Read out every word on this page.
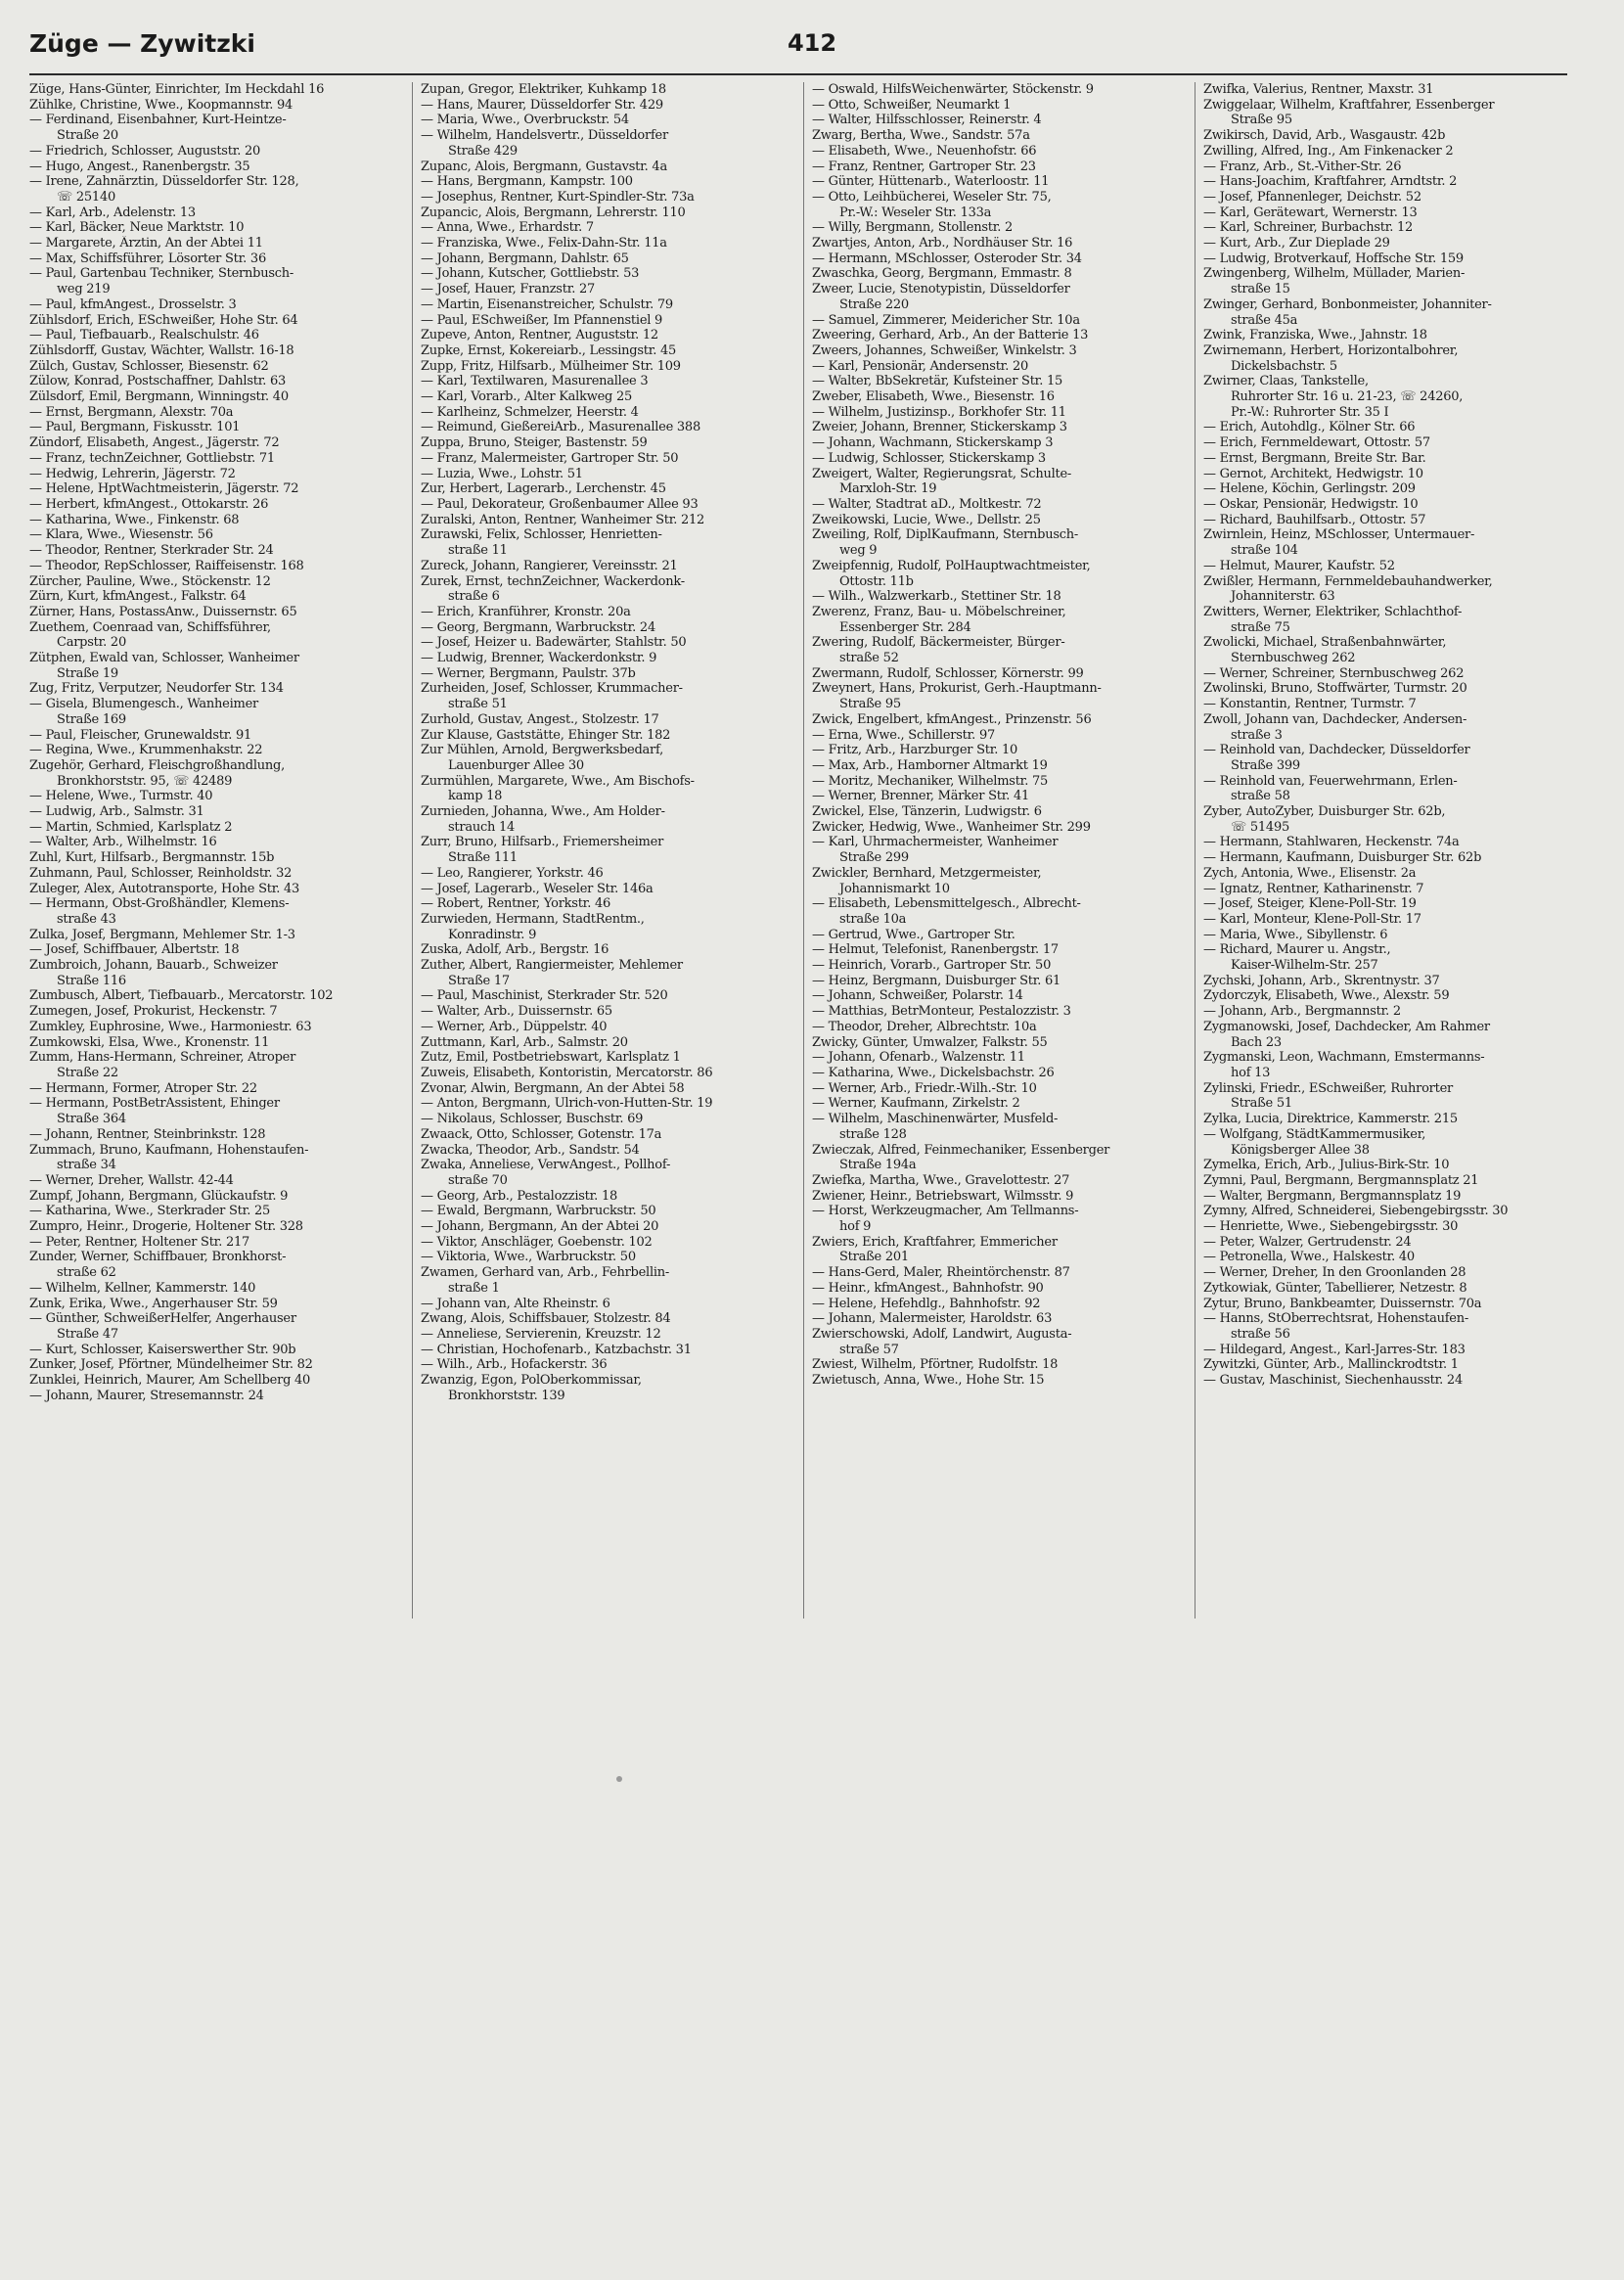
Züge — Zywitzki	412
Züge, Hans-Günter, Einrichter, Im Heckdahl 16
Zühlke, Christine, Wwe., Koopmannstr. 94
— Ferdinand, Eisenbahner, Kurt-Heintze-
Straße 20
— Friedrich, Schlosser, Auguststr. 20
— Hugo, Angest., Ranenbergstr. 35
— Irene, Zahnärztin, Düsseldorfer Str. 128,
☏ 25140
— Karl, Arb., Adelenstr. 13
— Karl, Bäcker, Neue Marktstr. 10
— Margarete, Ärztin, An der Abtei 11
— Max, Schiffsführer, Lösorter Str. 36
— Paul, Gartenbau Techniker, Sternbusch-
weg 219
— Paul, kfmAngest., Drosselstr. 3
Zühlsdorf, Erich, ESchweißer, Hohe Str. 64
— Paul, Tiefbauarb., Realschulstr. 46
Zühlsdorff, Gustav, Wächter, Wallstr. 16-18
Zülch, Gustav, Schlosser, Biesenstr. 62
Zülow, Konrad, Postschaffner, Dahlstr. 63
Zülsdorf, Emil, Bergmann, Winningstr. 40
— Ernst, Bergmann, Alexstr. 70a
— Paul, Bergmann, Fiskusstr. 101
Zündorf, Elisabeth, Angest., Jägerstr. 72
— Franz, technZeichner, Gottliebstr. 71
— Hedwig, Lehrerin, Jägerstr. 72
— Helene, HptWachtmeisterin, Jägerstr. 72
— Herbert, kfmAngest., Ottokarstr. 26
— Katharina, Wwe., Finkenstr. 68
— Klara, Wwe., Wiesenstr. 56
— Theodor, Rentner, Sterkrader Str. 24
— Theodor, RepSchlosser, Raiffeisenstr. 168
Zürcher, Pauline, Wwe., Stöckenstr. 12
Zürn, Kurt, kfmAngest., Falkstr. 64
Zürner, Hans, PostassAnw., Duissernstr. 65
Zuethem, Coenraad van, Schiffsführer,
Carpstr. 20
Zütphen, Ewald van, Schlosser, Wanheimer
Straße 19
Zug, Fritz, Verputzer, Neudorfer Str. 134
— Gisela, Blumengesch., Wanheimer
Straße 169
— Paul, Fleischer, Grunewaldstr. 91
— Regina, Wwe., Krummenhakstr. 22
Zugehör, Gerhard, Fleischgroßhandlung,
Bronkhorststr. 95, ☏ 42489
— Helene, Wwe., Turmstr. 40
— Ludwig, Arb., Salmstr. 31
— Martin, Schmied, Karlsplatz 2
— Walter, Arb., Wilhelmstr. 16
Zuhl, Kurt, Hilfsarb., Bergmannstr. 15b
Zuhmann, Paul, Schlosser, Reinholdstr. 32
Zuleger, Alex, Autotransporte, Hohe Str. 43
— Hermann, Obst-Großhändler, Klemens-
straße 43
Zulka, Josef, Bergmann, Mehlemer Str. 1-3
— Josef, Schiffbauer, Albertstr. 18
Zumbroich, Johann, Bauarb., Schweizer
Straße 116
Zumbusch, Albert, Tiefbauarb., Mercatorstr. 102
Zumegen, Josef, Prokurist, Heckenstr. 7
Zumkley, Euphrosine, Wwe., Harmoniestr. 63
Zumkowski, Elsa, Wwe., Kronenstr. 11
Zumm, Hans-Hermann, Schreiner, Atroper
Straße 22
— Hermann, Former, Atroper Str. 22
— Hermann, PostBetrAssistent, Ehinger
Straße 364
— Johann, Rentner, Steinbrinkstr. 128
Zummach, Bruno, Kaufmann, Hohenstaufen-
straße 34
— Werner, Dreher, Wallstr. 42-44
Zumpf, Johann, Bergmann, Glückaufstr. 9
— Katharina, Wwe., Sterkrader Str. 25
Zumpro, Heinr., Drogerie, Holtener Str. 328
— Peter, Rentner, Holtener Str. 217
Zunder, Werner, Schiffbauer, Bronkhorst-
straße 62
— Wilhelm, Kellner, Kammerstr. 140
Zunk, Erika, Wwe., Angerhauser Str. 59
— Günther, SchweißerHelfer, Angerhauser
Straße 47
— Kurt, Schlosser, Kaiserswerther Str. 90b
Zunker, Josef, Pförtner, Mündelheimer Str. 82
Zunklei, Heinrich, Maurer, Am Schellberg 40
— Johann, Maurer, Stresemannstr. 24
Zupan, Gregor, Elektriker, Kuhkamp 18
— Hans, Maurer, Düsseldorfer Str. 429
— Maria, Wwe., Overbruckstr. 54
— Wilhelm, Handelsvertr., Düsseldorfer
Straße 429
Zupanc, Alois, Bergmann, Gustavstr. 4a
— Hans, Bergmann, Kampstr. 100
— Josephus, Rentner, Kurt-Spindler-Str. 73a
Zupancic, Alois, Bergmann, Lehrerstr. 110
— Anna, Wwe., Erhardstr. 7
— Franziska, Wwe., Felix-Dahn-Str. 11a
— Johann, Bergmann, Dahlstr. 65
— Johann, Kutscher, Gottliebstr. 53
— Josef, Hauer, Franzstr. 27
— Martin, Eisenanstreicher, Schulstr. 79
— Paul, ESchweißer, Im Pfannenstiel 9
Zupeve, Anton, Rentner, Auguststr. 12
Zupke, Ernst, Kokereiarb., Lessingstr. 45
Zupp, Fritz, Hilfsarb., Mülheimer Str. 109
— Karl, Textilwaren, Masurenallee 3
— Karl, Vorarb., Alter Kalkweg 25
— Karlheinz, Schmelzer, Heerstr. 4
— Reimund, GießereiArb., Masurenallee 388
Zuppa, Bruno, Steiger, Bastenstr. 59
— Franz, Malermeister, Gartroper Str. 50
— Luzia, Wwe., Lohstr. 51
Zur, Herbert, Lagerarb., Lerchenstr. 45
— Paul, Dekorateur, Großenbaumer Allee 93
Zuralski, Anton, Rentner, Wanheimer Str. 212
Zurawski, Felix, Schlosser, Henrietten-
straße 11
Zureck, Johann, Rangierer, Vereinsstr. 21
Zurek, Ernst, technZeichner, Wackerdonk-
straße 6
— Erich, Kranführer, Kronstr. 20a
— Georg, Bergmann, Warbruckstr. 24
— Josef, Heizer u. Badewärter, Stahlstr. 50
— Ludwig, Brenner, Wackerdonkstr. 9
— Werner, Bergmann, Paulstr. 37b
Zurheiden, Josef, Schlosser, Krummacher-
straße 51
Zurhold, Gustav, Angest., Stolzestr. 17
Zur Klause, Gaststätte, Ehinger Str. 182
Zur Mühlen, Arnold, Bergwerksbedarf,
Lauenburger Allee 30
Zurmühlen, Margarete, Wwe., Am Bischofs-
kamp 18
Zurnieden, Johanna, Wwe., Am Holder-
strauch 14
Zurr, Bruno, Hilfsarb., Friemersheimer
Straße 111
— Leo, Rangierer, Yorkstr. 46
— Josef, Lagerarb., Weseler Str. 146a
— Robert, Rentner, Yorkstr. 46
Zurwieden, Hermann, StadtRentm.,
Konradinstr. 9
Zuska, Adolf, Arb., Bergstr. 16
Zuther, Albert, Rangiermeister, Mehlemer
Straße 17
— Paul, Maschinist, Sterkrader Str. 520
— Walter, Arb., Duissernstr. 65
— Werner, Arb., Düppelstr. 40
Zuttmann, Karl, Arb., Salmstr. 20
Zutz, Emil, Postbetriebswart, Karlsplatz 1
Zuweis, Elisabeth, Kontoristin, Mercatorstr. 86
Zvonar, Alwin, Bergmann, An der Abtei 58
— Anton, Bergmann, Ulrich-von-Hutten-Str. 19
— Nikolaus, Schlosser, Buschstr. 69
Zwaack, Otto, Schlosser, Gotenstr. 17a
Zwacka, Theodor, Arb., Sandstr. 54
Zwaka, Anneliese, VerwAngest., Pollhof-
straße 70
— Georg, Arb., Pestalozzistr. 18
— Ewald, Bergmann, Warbruckstr. 50
— Johann, Bergmann, An der Abtei 20
— Viktor, Anschläger, Goebenstr. 102
— Viktoria, Wwe., Warbruckstr. 50
Zwamen, Gerhard van, Arb., Fehrbellin-
straße 1
— Johann van, Alte Rheinstr. 6
Zwang, Alois, Schiffsbauer, Stolzestr. 84
— Anneliese, Servierenin, Kreuzstr. 12
— Christian, Hochofenarb., Katzbachstr. 31
— Wilh., Arb., Hofackerstr. 36
Zwanzig, Egon, PolOberkommissar,
Bronkhorststr. 139
— Oswald, HilfsWeichenwärter, Stöckenstr. 9
— Otto, Schweißer, Neumarkt 1
— Walter, Hilfsschlosser, Reinerstr. 4
Zwarg, Bertha, Wwe., Sandstr. 57a
— Elisabeth, Wwe., Neuenhofstr. 66
— Franz, Rentner, Gartroper Str. 23
— Günter, Hüttenarb., Waterloostr. 11
— Otto, Leihbücherei, Weseler Str. 75,
Pr.-W.: Weseler Str. 133a
— Willy, Bergmann, Stollenstr. 2
Zwartjes, Anton, Arb., Nordhäuser Str. 16
— Hermann, MSchlosser, Osteroder Str. 34
Zwaschka, Georg, Bergmann, Emmastr. 8
Zweer, Lucie, Stenotypistin, Düsseldorfer
Straße 220
— Samuel, Zimmerer, Meidericher Str. 10a
Zweering, Gerhard, Arb., An der Batterie 13
Zweers, Johannes, Schweißer, Winkelstr. 3
— Karl, Pensionär, Andersenstr. 20
— Walter, BbSekretär, Kufsteiner Str. 15
Zweber, Elisabeth, Wwe., Biesenstr. 16
— Wilhelm, Justizinsp., Borkhofer Str. 11
Zweier, Johann, Brenner, Stickerskamp 3
— Johann, Wachmann, Stickerskamp 3
— Ludwig, Schlosser, Stickerskamp 3
Zweigert, Walter, Regierungsrat, Schulte-
Marxloh-Str. 19
— Walter, Stadtrat aD., Moltkestr. 72
Zweikowski, Lucie, Wwe., Dellstr. 25
Zweiling, Rolf, DiplKaufmann, Sternbusch-
weg 9
Zweipfennig, Rudolf, PolHauptwachtmeister,
Ottostr. 11b
— Wilh., Walzwerkarb., Stettiner Str. 18
Zwerenz, Franz, Bau- u. Möbelschreiner,
Essenberger Str. 284
Zwering, Rudolf, Bäckermeister, Bürger-
straße 52
Zwermann, Rudolf, Schlosser, Körnerstr. 99
Zweynert, Hans, Prokurist, Gerh.-Hauptmann-
Straße 95
Zwick, Engelbert, kfmAngest., Prinzenstr. 56
— Erna, Wwe., Schillerstr. 97
— Fritz, Arb., Harzburger Str. 10
— Max, Arb., Hamborner Altmarkt 19
— Moritz, Mechaniker, Wilhelmstr. 75
— Werner, Brenner, Märker Str. 41
Zwickel, Else, Tänzerin, Ludwigstr. 6
Zwicker, Hedwig, Wwe., Wanheimer Str. 299
— Karl, Uhrmachermeister, Wanheimer
Straße 299
Zwickler, Bernhard, Metzgermeister,
Johannismarkt 10
— Elisabeth, Lebensmittelgesch., Albrecht-
straße 10a
— Gertrud, Wwe., Gartroper Str.
— Helmut, Telefonist, Ranenbergstr. 17
— Heinrich, Vorarb., Gartroper Str. 50
— Heinz, Bergmann, Duisburger Str. 61
— Johann, Schweißer, Polarstr. 14
— Matthias, BetrMonteur, Pestalozzistr. 3
— Theodor, Dreher, Albrechtstr. 10a
Zwicky, Günter, Umwalzer, Falkstr. 55
— Johann, Ofenarb., Walzenstr. 11
— Katharina, Wwe., Dickelsbachstr. 26
— Werner, Arb., Friedr.-Wilh.-Str. 10
— Werner, Kaufmann, Zirkelstr. 2
— Wilhelm, Maschinenwärter, Musfeld-
straße 128
Zwieczak, Alfred, Feinmechaniker, Essenberger
Straße 194a
Zwiefka, Martha, Wwe., Gravelottestr. 27
Zwiener, Heinr., Betriebswart, Wilmsstr. 9
— Horst, Werkzeugmacher, Am Tellmanns-
hof 9
Zwiers, Erich, Kraftfahrer, Emmericher
Straße 201
— Hans-Gerd, Maler, Rheintörchenstr. 87
— Heinr., kfmAngest., Bahnhofstr. 90
— Helene, Hefehdlg., Bahnhofstr. 92
— Johann, Malermeister, Haroldstr. 63
Zwierschowski, Adolf, Landwirt, Augusta-
straße 57
Zwiest, Wilhelm, Pförtner, Rudolfstr. 18
Zwietusch, Anna, Wwe., Hohe Str. 15
Zwifka, Valerius, Rentner, Maxstr. 31
Zwiggelaar, Wilhelm, Kraftfahrer, Essenberger
Straße 95
Zwikirsch, David, Arb., Wasgaustr. 42b
Zwilling, Alfred, Ing., Am Finkenacker 2
— Franz, Arb., St.-Vither-Str. 26
— Hans-Joachim, Kraftfahrer, Arndtstr. 2
— Josef, Pfannenleger, Deichstr. 52
— Karl, Gerätewart, Wernerstr. 13
— Karl, Schreiner, Burbachstr. 12
— Kurt, Arb., Zur Dieplade 29
— Ludwig, Brotverkauf, Hoffsche Str. 159
Zwingenberg, Wilhelm, Müllader, Marien-
straße 15
Zwinger, Gerhard, Bonbonmeister, Johanniter-
straße 45a
Zwink, Franziska, Wwe., Jahnstr. 18
Zwirnemann, Herbert, Horizontalbohrer,
Dickelsbachstr. 5
Zwirner, Claas, Tankstelle,
Ruhrorter Str. 16 u. 21-23, ☏ 24260,
Pr.-W.: Ruhrorter Str. 35 I
— Erich, Autohdlg., Kölner Str. 66
— Erich, Fernmeldewart, Ottostr. 57
— Ernst, Bergmann, Breite Str. Bar.
— Gernot, Architekt, Hedwigstr. 10
— Helene, Köchin, Gerlingstr. 209
— Oskar, Pensionär, Hedwigstr. 10
— Richard, Bauhilfsarb., Ottostr. 57
Zwirnlein, Heinz, MSchlosser, Untermauer-
straße 104
— Helmut, Maurer, Kaufstr. 52
Zwißler, Hermann, Fernmeldebauhandwerker,
Johanniterstr. 63
Zwitters, Werner, Elektriker, Schlachthof-
straße 75
Zwolicki, Michael, Straßenbahnwärter,
Sternbuschweg 262
— Werner, Schreiner, Sternbuschweg 262
Zwolinski, Bruno, Stoffwärter, Turmstr. 20
— Konstantin, Rentner, Turmstr. 7
Zwoll, Johann van, Dachdecker, Andersen-
straße 3
— Reinhold van, Dachdecker, Düsseldorfer
Straße 399
— Reinhold van, Feuerwehrmann, Erlen-
straße 58
Zyber, AutoZyber, Duisburger Str. 62b,
☏ 51495
— Hermann, Stahlwaren, Heckenstr. 74a
— Hermann, Kaufmann, Duisburger Str. 62b
Zych, Antonia, Wwe., Elisenstr. 2a
— Ignatz, Rentner, Katharinenstr. 7
— Josef, Steiger, Klene-Poll-Str. 19
— Karl, Monteur, Klene-Poll-Str. 17
— Maria, Wwe., Sibyllenstr. 6
— Richard, Maurer u. Angstr.,
Kaiser-Wilhelm-Str. 257
Zychski, Johann, Arb., Skrentnystr. 37
Zydorczyk, Elisabeth, Wwe., Alexstr. 59
— Johann, Arb., Bergmannstr. 2
Zygmanowski, Josef, Dachdecker, Am Rahmer
Bach 23
Zygmanski, Leon, Wachmann, Emstermanns-
hof 13
Zylinski, Friedr., ESchweißer, Ruhrorter
Straße 51
Zylka, Lucia, Direktrice, Kammerstr. 215
— Wolfgang, StädtKammermusiker,
Königsberger Allee 38
Zymelka, Erich, Arb., Julius-Birk-Str. 10
Zymni, Paul, Bergmann, Bergmannsplatz 21
— Walter, Bergmann, Bergmannsplatz 19
Zymny, Alfred, Schneiderei, Siebengebirgsstr. 30
— Henriette, Wwe., Siebengebirgsstr. 30
— Peter, Walzer, Gertrudenstr. 24
— Petronella, Wwe., Halskestr. 40
— Werner, Dreher, In den Groonlanden 28
Zytkowiak, Günter, Tabellierer, Netzestr. 8
Zytur, Bruno, Bankbeamter, Duissernstr. 70a
— Hanns, StOberrechtsrat, Hohenstaufen-
straße 56
— Hildegard, Angest., Karl-Jarres-Str. 183
Zywitzki, Günter, Arb., Mallinckrodtstr. 1
— Gustav, Maschinist, Siechenhausstr. 24
